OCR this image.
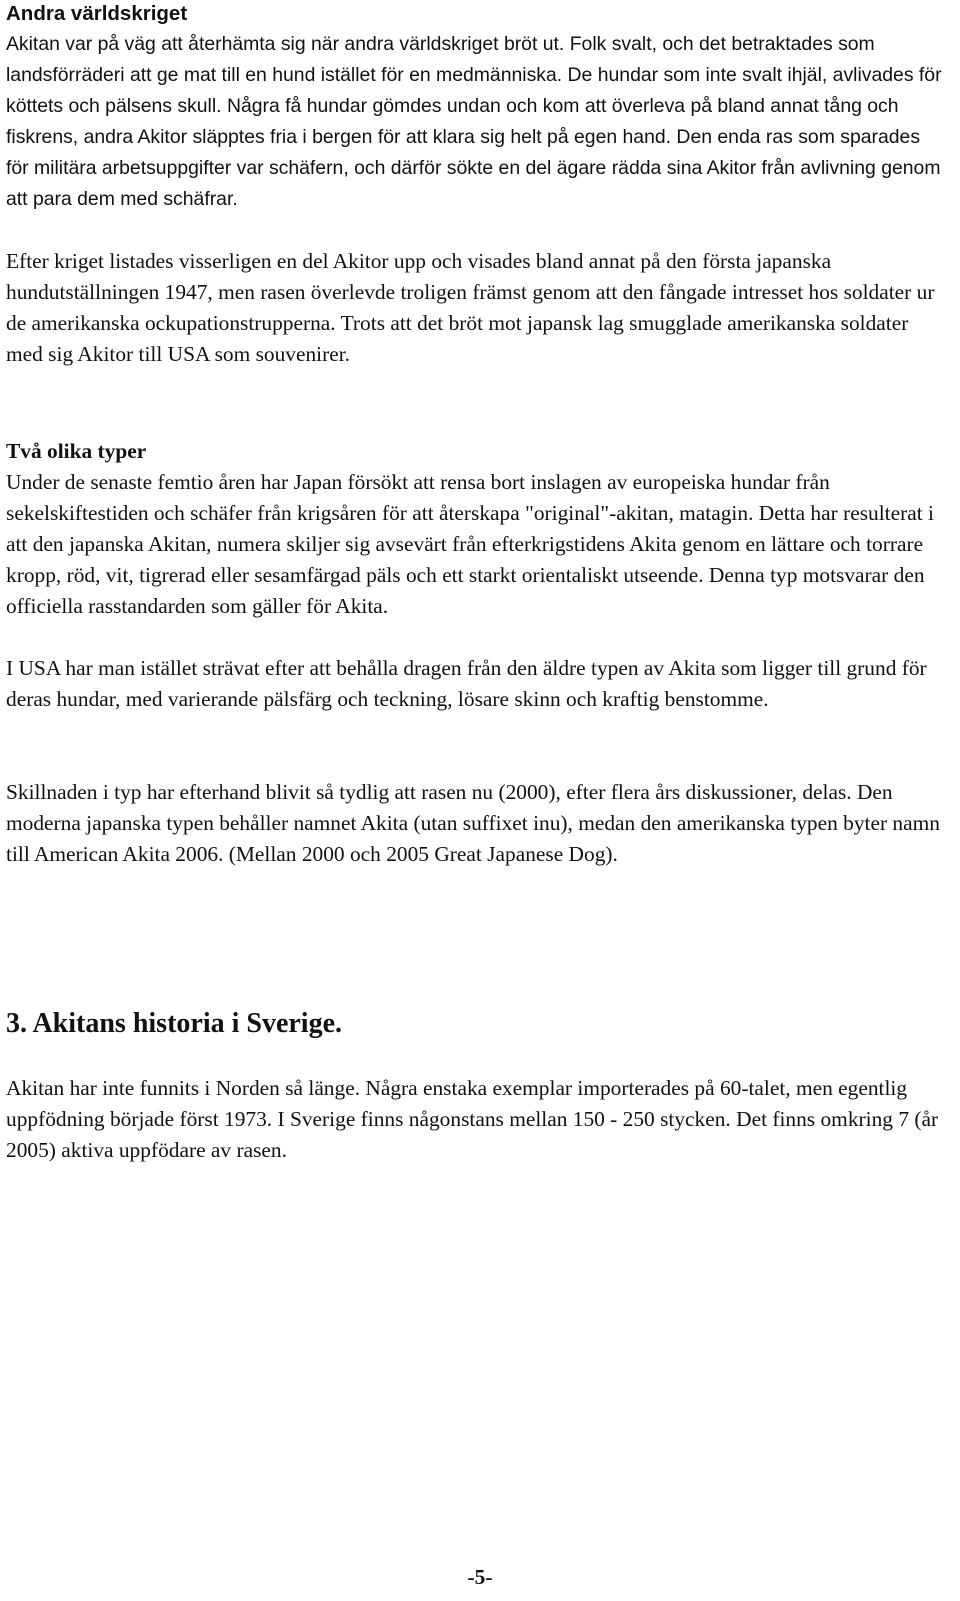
Andra världskriget

Akitan var på väg att återhämta sig när andra världskriget bröt ut. Folk svalt, och det betraktades som landsförräderi att ge mat till en hund istället för en medmänniska. De hundar som inte svalt ihjäl, avlivades för köttets och pälsens skull. Några få hundar gömdes undan och kom att överleva på bland annat tång och fiskrens, andra Akitor släpptes fria i bergen för att klara sig helt på egen hand. Den enda ras som sparades för militära arbetsuppgifter var schäfern, och därför sökte en del ägare rädda sina Akitor från avlivning genom att para dem med schäfrar.

Efter kriget listades visserligen en del Akitor upp och visades bland annat på den första japanska hundutställningen 1947, men rasen överlevde troligen främst genom att den fångade intresset hos soldater ur de amerikanska ockupationstrupperna. Trots att det bröt mot japansk lag smugglade amerikanska soldater med sig Akitor till USA som souvenirer.

Två olika typer

Under de senaste femtio åren har Japan försökt att rensa bort inslagen av europeiska hundar från sekelskiftestiden och schäfer från krigsåren för att återskapa "original"-akitan, matagin. Detta har resulterat i att den japanska Akitan, numera skiljer sig avsevärt från efterkrigstidens Akita genom en lättare och torrare kropp, röd, vit, tigrerad eller sesamfärgad päls och ett starkt orientaliskt utseende. Denna typ motsvarar den officiella rasstandarden som gäller för Akita.

I USA har man istället strävat efter att behålla dragen från den äldre typen av Akita som ligger till grund för deras hundar, med varierande pälsfärg och teckning, lösare skinn och kraftig benstomme.

Skillnaden i typ har efterhand blivit så tydlig att rasen nu (2000), efter flera års diskussioner, delas. Den moderna japanska typen behåller namnet Akita (utan suffixet inu), medan den amerikanska typen byter namn till American Akita 2006. (Mellan 2000 och 2005 Great Japanese Dog).

3. Akitans historia i Sverige.

Akitan har inte funnits i Norden så länge. Några enstaka exemplar importerades på 60-talet, men egentlig uppfödning började först 1973. I Sverige finns någonstans mellan 150 - 250 stycken. Det finns omkring 7 (år 2005) aktiva uppfödare av rasen.

-5-
